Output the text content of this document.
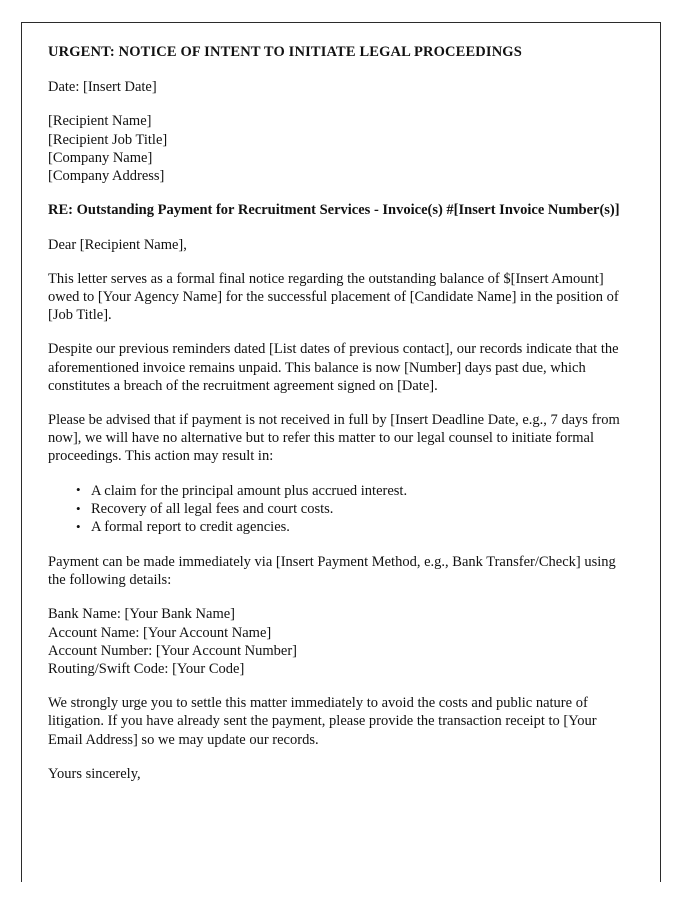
URGENT: NOTICE OF INTENT TO INITIATE LEGAL PROCEEDINGS

Date: [Insert Date]

[Recipient Name]
[Recipient Job Title]
[Company Name]
[Company Address]

RE: Outstanding Payment for Recruitment Services - Invoice(s) #[Insert Invoice Number(s)]

Dear [Recipient Name],

This letter serves as a formal final notice regarding the outstanding balance of $[Insert Amount] owed to [Your Agency Name] for the successful placement of [Candidate Name] in the position of [Job Title].

Despite our previous reminders dated [List dates of previous contact], our records indicate that the aforementioned invoice remains unpaid. This balance is now [Number] days past due, which constitutes a breach of the recruitment agreement signed on [Date].

Please be advised that if payment is not received in full by [Insert Deadline Date, e.g., 7 days from now], we will have no alternative but to refer this matter to our legal counsel to initiate formal proceedings. This action may result in:

• A claim for the principal amount plus accrued interest.
• Recovery of all legal fees and court costs.
• A formal report to credit agencies.

Payment can be made immediately via [Insert Payment Method, e.g., Bank Transfer/Check] using the following details:

Bank Name: [Your Bank Name]
Account Name: [Your Account Name]
Account Number: [Your Account Number]
Routing/Swift Code: [Your Code]

We strongly urge you to settle this matter immediately to avoid the costs and public nature of litigation. If you have already sent the payment, please provide the transaction receipt to [Your Email Address] so we may update our records.

Yours sincerely,
